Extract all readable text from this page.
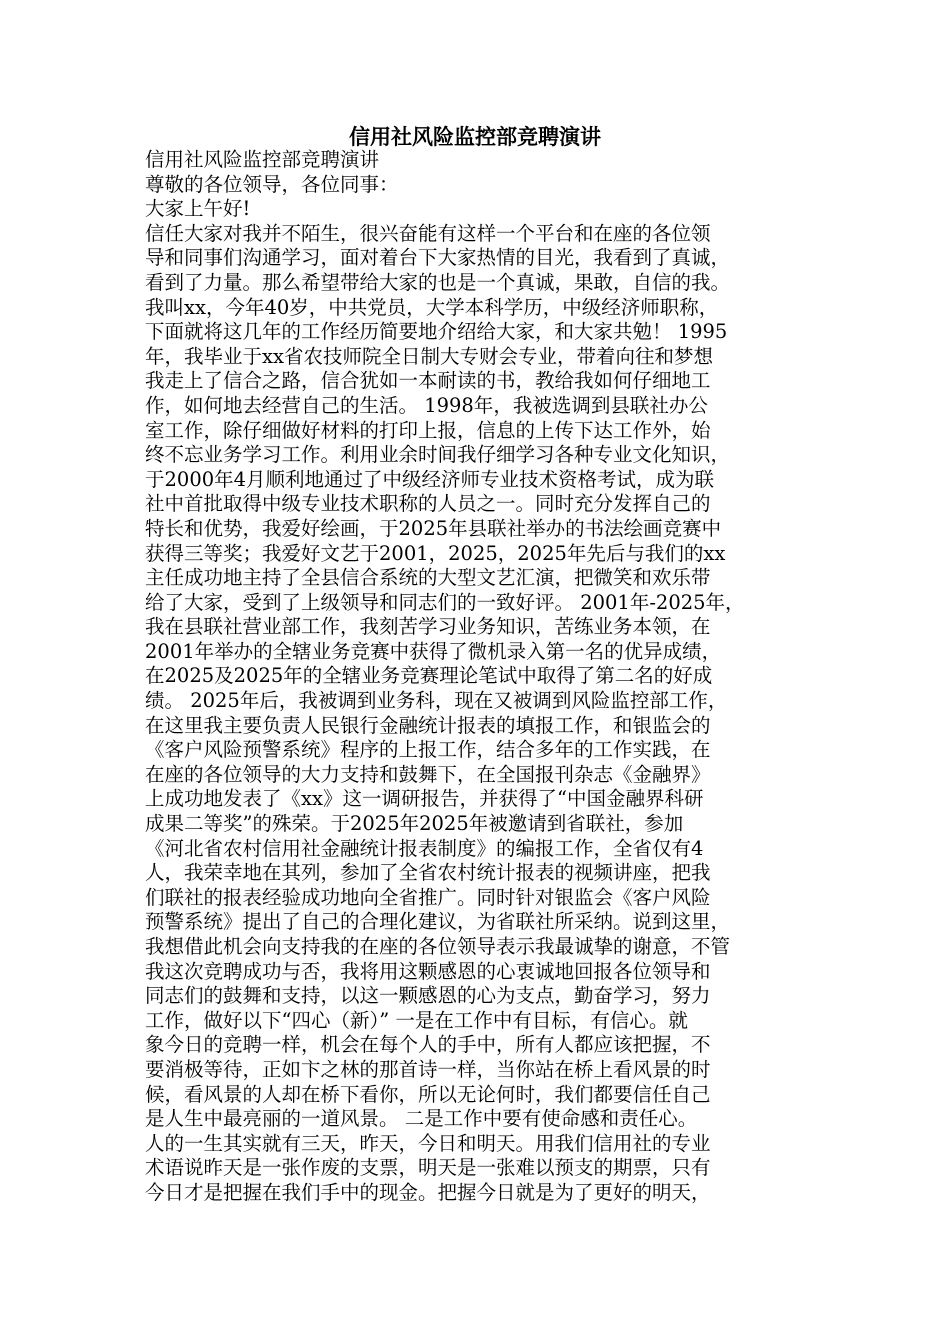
信用社风险监控部竞聘演讲
信用社风险监控部竞聘演讲
尊敬的各位领导，各位同事：
大家上午好!
信任大家对我并不陌生，很兴奋能有这样一个平台和在座的各位领
导和同事们沟通学习，面对着台下大家热情的目光，我看到了真诚，
看到了力量。那么希望带给大家的也是一个真诚，果敢，自信的我。
我叫xx，今年40岁，中共党员，大学本科学历，中级经济师职称，
下面就将这几年的工作经历简要地介绍给大家，和大家共勉！ 1995
年，我毕业于xx省农技师院全日制大专财会专业，带着向往和梦想
我走上了信合之路，信合犹如一本耐读的书，教给我如何仔细地工
作，如何地去经营自己的生活。 1998年，我被选调到县联社办公
室工作，除仔细做好材料的打印上报，信息的上传下达工作外，始
终不忘业务学习工作。利用业余时间我仔细学习各种专业文化知识，
于2000年4月顺利地通过了中级经济师专业技术资格考试，成为联
社中首批取得中级专业技术职称的人员之一。同时充分发挥自己的
特长和优势，我爱好绘画，于2025年县联社举办的书法绘画竞赛中
获得三等奖；我爱好文艺于2001，2025，2025年先后与我们的xx
主任成功地主持了全县信合系统的大型文艺汇演，把微笑和欢乐带
给了大家，受到了上级领导和同志们的一致好评。 2001年-2025年，
我在县联社营业部工作，我刻苦学习业务知识，苦练业务本领，在
2001年举办的全辖业务竞赛中获得了微机录入第一名的优异成绩，
在2025及2025年的全辖业务竞赛理论笔试中取得了第二名的好成
绩。 2025年后，我被调到业务科，现在又被调到风险监控部工作，
在这里我主要负责人民银行金融统计报表的填报工作，和银监会的
《客户风险预警系统》程序的上报工作，结合多年的工作实践，在
在座的各位领导的大力支持和鼓舞下，在全国报刊杂志《金融界》
上成功地发表了《xx》这一调研报告，并获得了“中国金融界科研
成果二等奖”的殊荣。于2025年2025年被邀请到省联社，参加
《河北省农村信用社金融统计报表制度》的编报工作，全省仅有4
人，我荣幸地在其列，参加了全省农村统计报表的视频讲座，把我
们联社的报表经验成功地向全省推广。同时针对银监会《客户风险
预警系统》提出了自己的合理化建议，为省联社所采纳。说到这里，
我想借此机会向支持我的在座的各位领导表示我最诚挚的谢意，不管
我这次竞聘成功与否，我将用这颗感恩的心衷诚地回报各位领导和
同志们的鼓舞和支持，以这一颗感恩的心为支点，勤奋学习，努力
工作，做好以下“四心（新）” 一是在工作中有目标，有信心。就
象今日的竞聘一样，机会在每个人的手中，所有人都应该把握，不
要消极等待，正如卞之林的那首诗一样，当你站在桥上看风景的时
候，看风景的人却在桥下看你，所以无论何时，我们都要信任自己
是人生中最亮丽的一道风景。 二是工作中要有使命感和责任心。
人的一生其实就有三天，昨天，今日和明天。用我们信用社的专业
术语说昨天是一张作废的支票，明天是一张难以预支的期票，只有
今日才是把握在我们手中的现金。把握今日就是为了更好的明天，
